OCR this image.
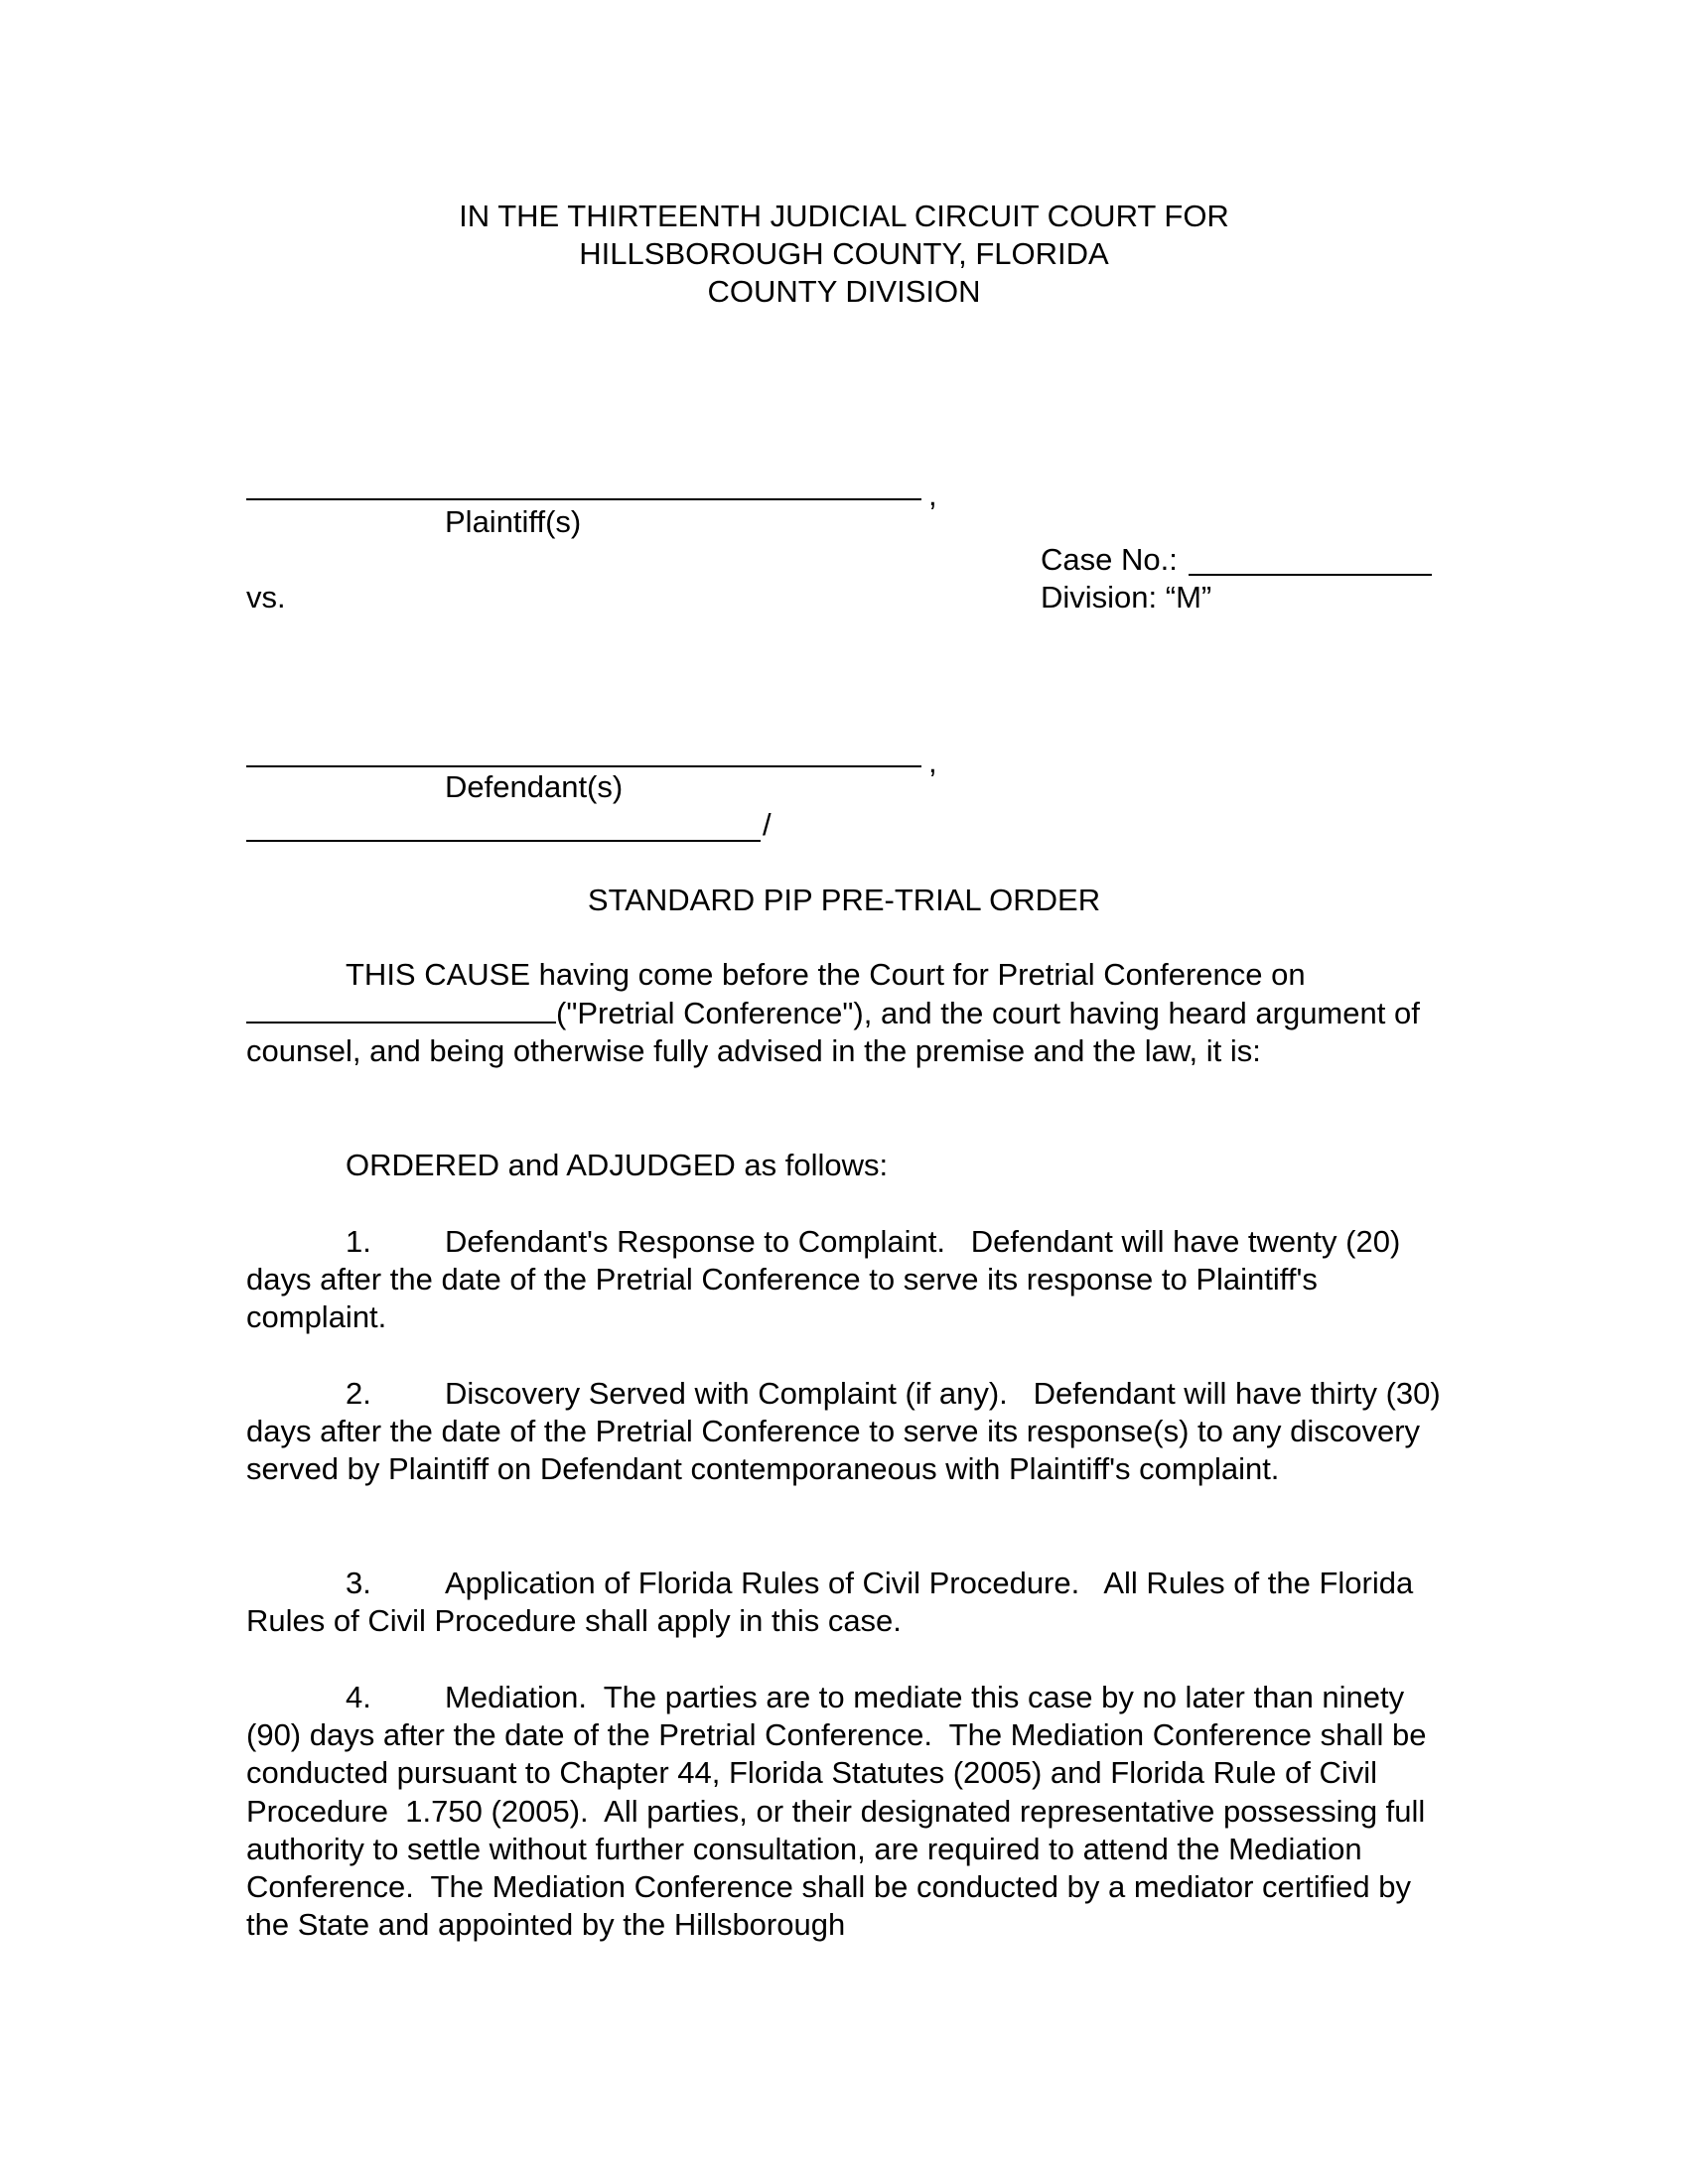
IN THE THIRTEENTH JUDICIAL CIRCUIT COURT FOR
HILLSBOROUGH COUNTY, FLORIDA
COUNTY DIVISION
,
Plaintiff(s)
Case No.:
vs.	Division: “M”
,
Defendant(s)
/
STANDARD PIP PRE-TRIAL ORDER
THIS CAUSE having come before the Court for Pretrial Conference on ("Pretrial Conference"), and the court having heard argument of counsel, and being otherwise fully advised in the premise and the law, it is:
ORDERED and ADJUDGED as follows:
1. Defendant's Response to Complaint.   Defendant will have twenty (20) days after the date of the Pretrial Conference to serve its response to Plaintiff's complaint.
2. Discovery Served with Complaint (if any).   Defendant will have thirty (30) days after the date of the Pretrial Conference to serve its response(s) to any discovery served by Plaintiff on Defendant contemporaneous with Plaintiff's complaint.
3. Application of Florida Rules of Civil Procedure.   All Rules of the Florida Rules of Civil Procedure shall apply in this case.
4. Mediation.  The parties are to mediate this case by no later than ninety (90) days after the date of the Pretrial Conference.  The Mediation Conference shall be conducted pursuant to Chapter 44, Florida Statutes (2005) and Florida Rule of Civil Procedure  1.750 (2005).  All parties, or their designated representative possessing full authority to settle without further consultation, are required to attend the Mediation Conference.  The Mediation Conference shall be conducted by a mediator certified by the State and appointed by the Hillsborough
